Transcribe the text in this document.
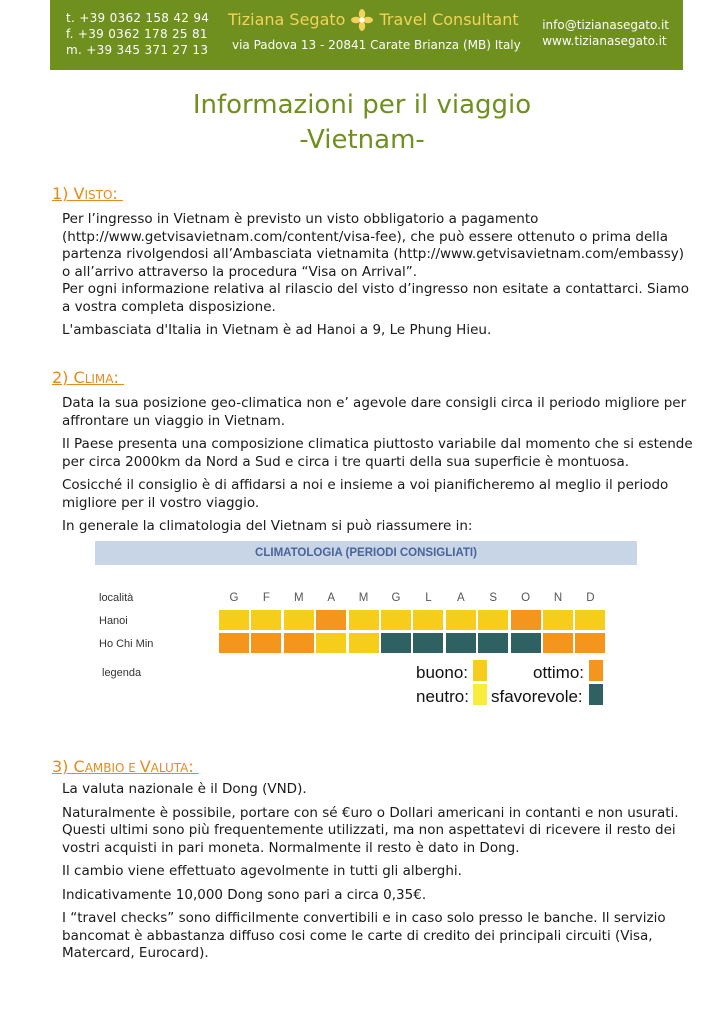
t. +39 0362 158 42 94
f. +39 0362 178 25 81
m. +39 345 371 27 13
Tiziana Segato Travel Consultant
via Padova 13 - 20841 Carate Brianza (MB) Italy
info@tizianasegato.it
www.tizianasegato.it
Informazioni per il viaggio
-Vietnam-
1) VISTO:

Per l’ingresso in Vietnam è previsto un visto obbligatorio a pagamento
(http://www.getvisavietnam.com/content/visa-fee), che può essere ottenuto o prima della
partenza rivolgendosi all’Ambasciata vietnamita (http://www.getvisavietnam.com/embassy)
o all’arrivo attraverso la procedura “Visa on Arrival”.
Per ogni informazione relativa al rilascio del visto d’ingresso non esitate a contattarci. Siamo
a vostra completa disposizione.

L'ambasciata d'Italia in Vietnam è ad Hanoi a 9, Le Phung Hieu.

2) CLIMA:

Data la sua posizione geo-climatica non e’ agevole dare consigli circa il periodo migliore per
affrontare un viaggio in Vietnam.

Il Paese presenta una composizione climatica piuttosto variabile dal momento che si estende
per circa 2000km da Nord a Sud e circa i tre quarti della sua superficie è montuosa.

Cosicché il consiglio è di affidarsi a noi e insieme a voi pianificheremo al meglio il periodo
migliore per il vostro viaggio.

In generale la climatologia del Vietnam si può riassumere in:

CLIMATOLOGIA (PERIODI CONSIGLIATI)
località
Hanoi
Ho Chi Min
legenda	buono:	ottimo:
neutro: sfavorevole:
G	F	M	A	M	G	L	A	S	O	N	D
3) CAMBIO E VALUTA:

La valuta nazionale è il Dong (VND).

Naturalmente è possibile, portare con sé €uro o Dollari americani in contanti e non usurati.
Questi ultimi sono più frequentemente utilizzati, ma non aspettatevi di ricevere il resto dei
vostri acquisti in pari moneta. Normalmente il resto è dato in Dong.

Il cambio viene effettuato agevolmente in tutti gli alberghi.

Indicativamente 10,000 Dong sono pari a circa 0,35€.

I “travel checks” sono difficilmente convertibili e in caso solo presso le banche. Il servizio
bancomat è abbastanza diffuso cosi come le carte di credito dei principali circuiti (Visa,
Matercard, Eurocard).
